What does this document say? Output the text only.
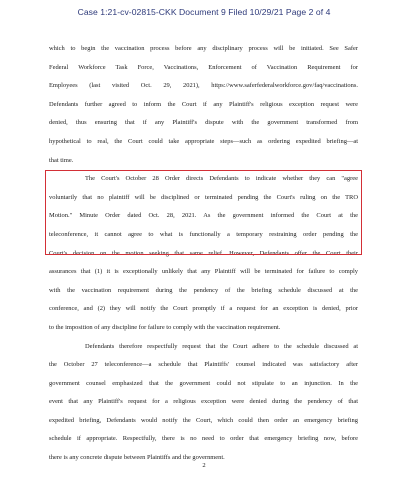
Case 1:21-cv-02815-CKK Document 9 Filed 10/29/21 Page 2 of 4
which to begin the vaccination process before any disciplinary process will be initiated. See Safer
Federal Workforce Task Force, Vaccinations, Enforcement of Vaccination Requirement for
Employees (last visited Oct. 29, 2021), https://www.saferfederalworkforce.gov/faq/vaccinations.
Defendants further agreed to inform the Court if any Plaintiff's religious exception request were
denied, thus ensuring that if any Plaintiff's dispute with the government transformed from
hypothetical to real, the Court could take appropriate steps—such as ordering expedited briefing—at
that time.
The Court's October 28 Order directs Defendants to indicate whether they can "agree
voluntarily that no plaintiff will be disciplined or terminated pending the Court's ruling on the TRO
Motion." Minute Order dated Oct. 28, 2021. As the government informed the Court at the
teleconference, it cannot agree to what is functionally a temporary restraining order pending the
Court's decision on the motion seeking that same relief. However, Defendants offer the Court their
assurances that (1) it is exceptionally unlikely that any Plaintiff will be terminated for failure to comply
with the vaccination requirement during the pendency of the briefing schedule discussed at the
conference, and (2) they will notify the Court promptly if a request for an exception is denied, prior
to the imposition of any discipline for failure to comply with the vaccination requirement.
Defendants therefore respectfully request that the Court adhere to the schedule discussed at
the October 27 teleconference—a schedule that Plaintiffs' counsel indicated was satisfactory after
government counsel emphasized that the government could not stipulate to an injunction. In the
event that any Plaintiff's request for a religious exception were denied during the pendency of that
expedited briefing, Defendants would notify the Court, which could then order an emergency briefing
schedule if appropriate. Respectfully, there is no need to order that emergency briefing now, before
there is any concrete dispute between Plaintiffs and the government.
2
